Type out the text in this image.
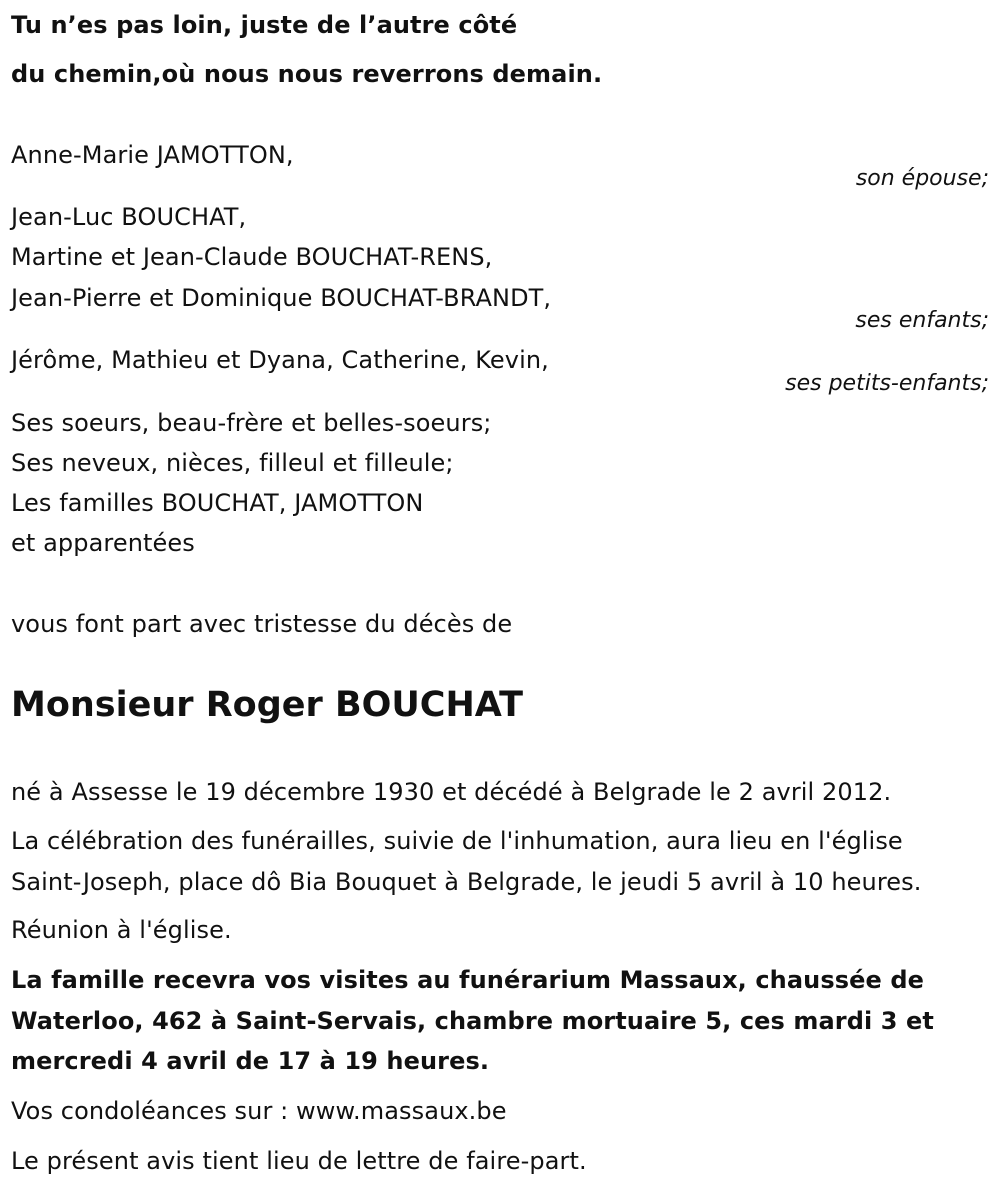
Tu n’es pas loin, juste de l’autre côté
du chemin,où nous nous reverrons demain.
Anne-Marie JAMOTTON,
son épouse;
Jean-Luc BOUCHAT,
Martine et Jean-Claude BOUCHAT-RENS,
Jean-Pierre et Dominique BOUCHAT-BRANDT,
ses enfants;
Jérôme, Mathieu et Dyana, Catherine, Kevin,
ses petits-enfants;
Ses soeurs, beau-frère et belles-soeurs;
Ses neveux, nièces, filleul et filleule;
Les familles BOUCHAT, JAMOTTON
et apparentées
vous font part avec tristesse du décès de
Monsieur Roger BOUCHAT
né à Assesse le 19 décembre 1930 et décédé à Belgrade le 2 avril 2012.
La célébration des funérailles, suivie de l'inhumation, aura lieu en l'église
Saint-Joseph, place dô Bia Bouquet à Belgrade, le jeudi 5 avril à 10 heures.
Réunion à l'église.
La famille recevra vos visites au funérarium Massaux, chaussée de
Waterloo, 462 à Saint-Servais, chambre mortuaire 5, ces mardi 3 et
mercredi 4 avril de 17 à 19 heures.
Vos condoléances sur : www.massaux.be
Le présent avis tient lieu de lettre de faire-part.
